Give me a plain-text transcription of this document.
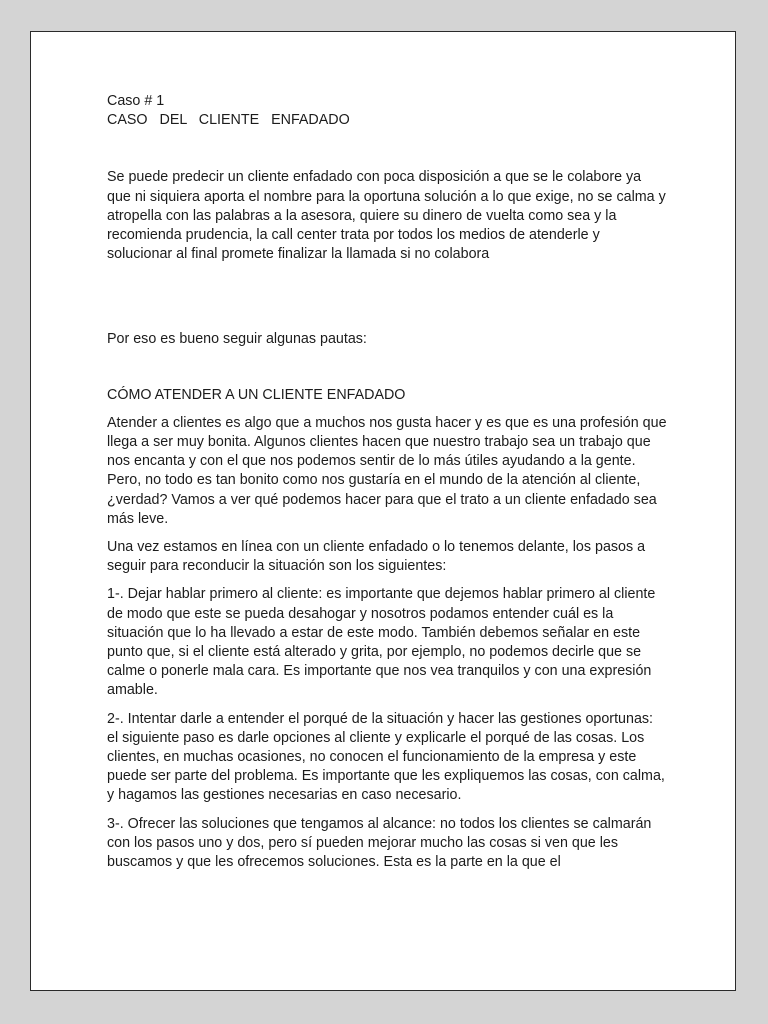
Caso # 1

CASO DEL CLIENTE ENFADADO

Se puede predecir un cliente enfadado con poca disposición a que se le colabore ya que ni siquiera aporta el nombre para la oportuna solución a lo que exige, no se calma y atropella con las palabras a la asesora, quiere su dinero de vuelta como sea y la recomienda prudencia, la call center trata por todos los medios de atenderle y solucionar al final promete finalizar la llamada si no colabora

Por eso es bueno seguir algunas pautas:

CÓMO ATENDER A UN CLIENTE ENFADADO

Atender a clientes es algo que a muchos nos gusta hacer y es que es una profesión que llega a ser muy bonita. Algunos clientes hacen que nuestro trabajo sea un trabajo que nos encanta y con el que nos podemos sentir de lo más útiles ayudando a la gente. Pero, no todo es tan bonito como nos gustaría en el mundo de la atención al cliente, ¿verdad? Vamos a ver qué podemos hacer para que el trato a un cliente enfadado sea más leve.

Una vez estamos en línea con un cliente enfadado o lo tenemos delante, los pasos a seguir para reconducir la situación son los siguientes:

1-. Dejar hablar primero al cliente: es importante que dejemos hablar primero al cliente de modo que este se pueda desahogar y nosotros podamos entender cuál es la situación que lo ha llevado a estar de este modo. También debemos señalar en este punto que, si el cliente está alterado y grita, por ejemplo, no podemos decirle que se calme o ponerle mala cara. Es importante que nos vea tranquilos y con una expresión amable.

2-. Intentar darle a entender el porqué de la situación y hacer las gestiones oportunas: el siguiente paso es darle opciones al cliente y explicarle el porqué de las cosas. Los clientes, en muchas ocasiones, no conocen el funcionamiento de la empresa y este puede ser parte del problema. Es importante que les expliquemos las cosas, con calma, y hagamos las gestiones necesarias en caso necesario.

3-. Ofrecer las soluciones que tengamos al alcance: no todos los clientes se calmarán con los pasos uno y dos, pero sí pueden mejorar mucho las cosas si ven que les buscamos y que les ofrecemos soluciones. Esta es la parte en la que el
